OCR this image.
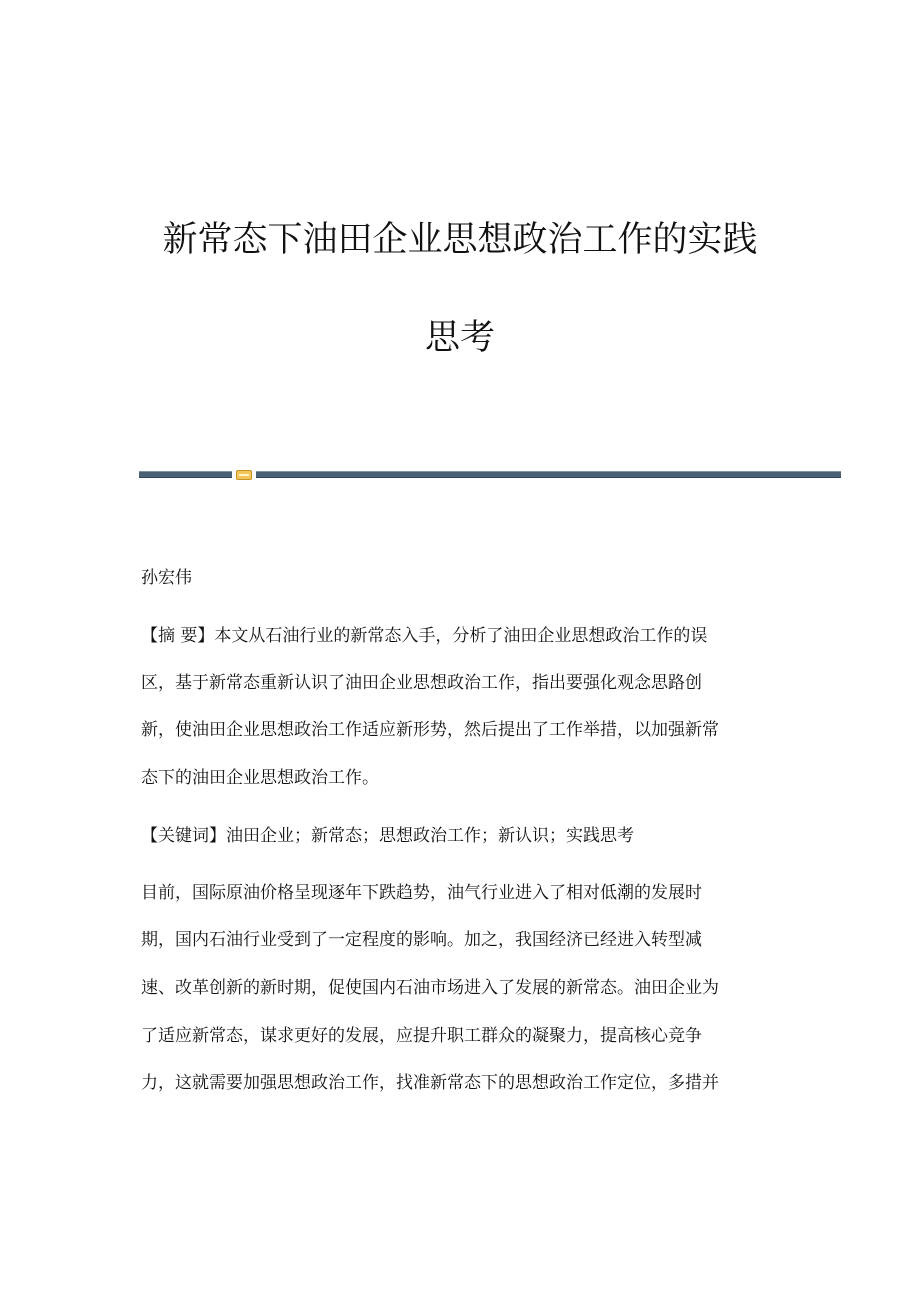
新常态下油田企业思想政治工作的实践
思考

孙宏伟

【摘 要】本文从石油行业的新常态入手，分析了油田企业思想政治工作的误

区，基于新常态重新认识了油田企业思想政治工作，指出要强化观念思路创

新，使油田企业思想政治工作适应新形势，然后提出了工作举措，以加强新常

态下的油田企业思想政治工作。

【关键词】油田企业；新常态；思想政治工作；新认识；实践思考

目前，国际原油价格呈现逐年下跌趋势，油气行业进入了相对低潮的发展时

期，国内石油行业受到了一定程度的影响。加之，我国经济已经进入转型减

速、改革创新的新时期，促使国内石油市场进入了发展的新常态。油田企业为

了适应新常态，谋求更好的发展，应提升职工群众的凝聚力，提高核心竞争

力，这就需要加强思想政治工作，找准新常态下的思想政治工作定位，多措并
